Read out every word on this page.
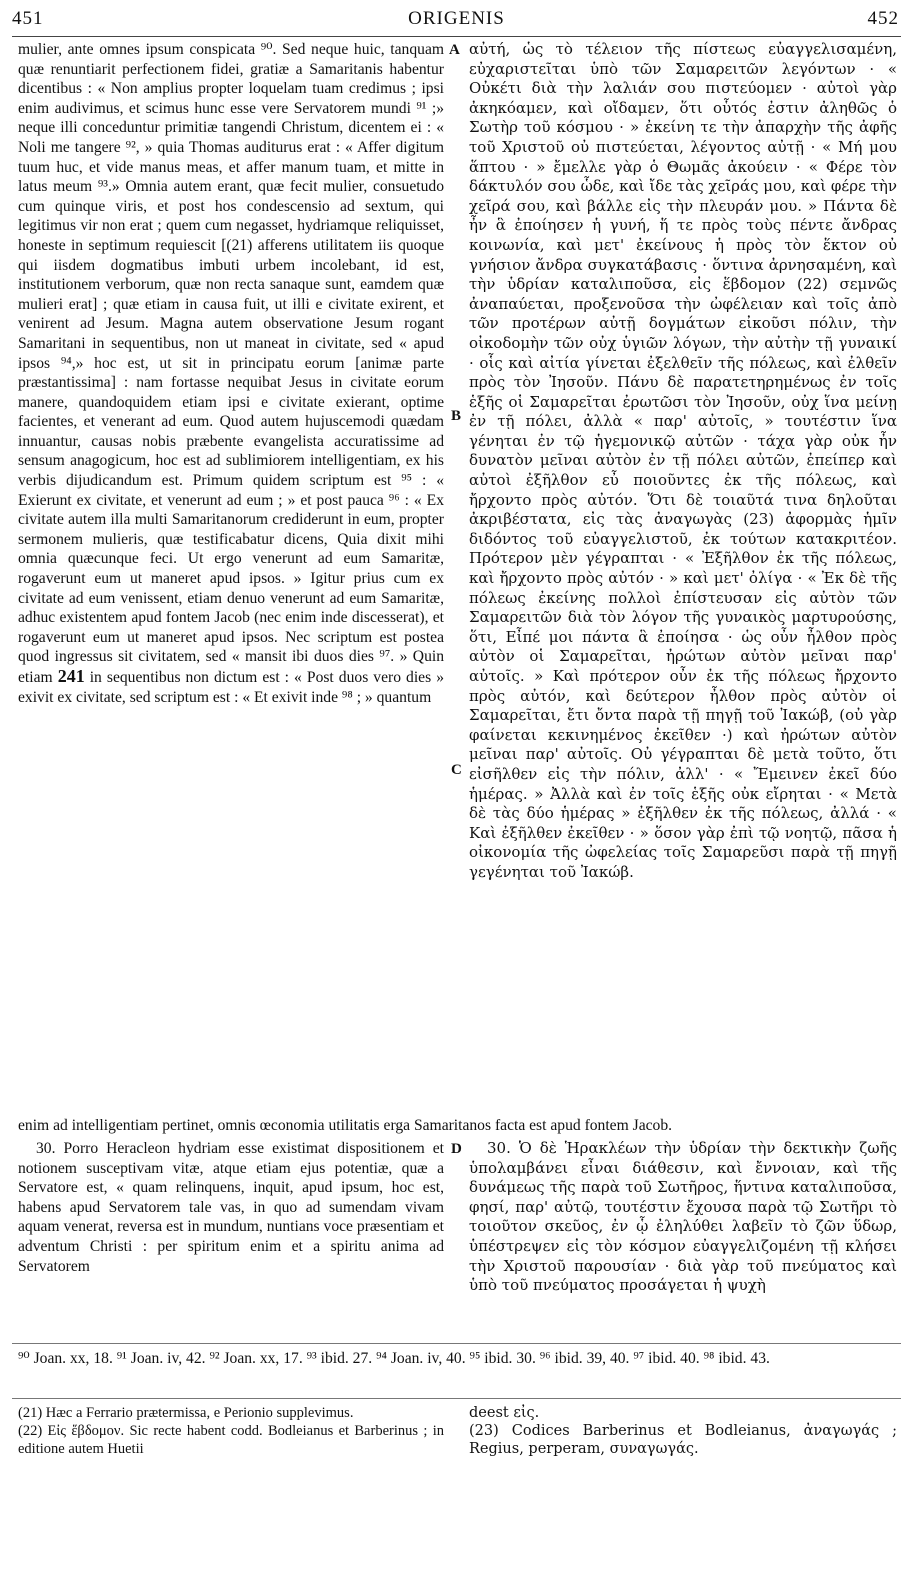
451	ORIGENIS	452

mulier, ante omnes ipsum conspicata ⁹⁰. Sed neque huic, tanquam quæ renuntiarit perfectionem fidei, gratiæ a Samaritanis habentur dicentibus : « Non amplius propter loquelam tuam credimus ; ipsi enim audivimus, et scimus hunc esse vere Servatorem mundi ⁹¹ ;» neque illi conceduntur primitiæ tangendi Christum, dicentem ei : « Noli me tangere ⁹², » quia Thomas auditurus erat : « Affer digitum tuum huc, et vide manus meas, et affer manum tuam, et mitte in latus meum ⁹³.» Omnia autem erant, quæ fecit mulier, consuetudo cum quinque viris, et post hos condescensio ad sextum, qui legitimus vir non erat ; quem cum negasset, hydriamque reliquisset, honeste in septimum requiescit [(21) afferens utilitatem iis quoque qui iisdem dogmatibus imbuti urbem incolebant, id est, institutionem verborum, quæ non recta sanaque sunt, eamdem quæ mulieri erat] ; quæ etiam in causa fuit, ut illi e civitate exirent, et venirent ad Jesum. Magna autem observatione Jesum rogant Samaritani in sequentibus, non ut maneat in civitate, sed « apud ipsos ⁹⁴,» hoc est, ut sit in principatu eorum [animæ parte præstantissima] : nam fortasse nequibat Jesus in civitate eorum manere, quandoquidem etiam ipsi e civitate exierant, optime facientes, et venerant ad eum. Quod autem hujuscemodi quædam innuantur, causas nobis præbente evangelista accuratissime ad sensum anagogicum, hoc est ad sublimiorem intelligentiam, ex his verbis dijudicandum est. Primum quidem scriptum est ⁹⁵ : « Exierunt ex civitate, et venerunt ad eum ; » et post pauca ⁹⁶ : « Ex civitate autem illa multi Samaritanorum crediderunt in eum, propter sermonem mulieris, quæ testificabatur dicens, Quia dixit mihi omnia quæcunque feci. Ut ergo venerunt ad eum Samaritæ, rogaverunt eum ut maneret apud ipsos. » Igitur prius cum ex civitate ad eum venissent, etiam denuo venerunt ad eum Samaritæ, adhuc existentem apud fontem Jacob (nec enim inde discesserat), et rogaverunt eum ut maneret apud ipsos. Nec scriptum est postea quod ingressus sit civitatem, sed « mansit ibi duos dies ⁹⁷. » Quin etiam 241 in sequentibus non dictum est : « Post duos vero dies » exivit ex civitate, sed scriptum est : « Et exivit inde ⁹⁸ ; » quantum

αὐτή, ὡς τὸ τέλειον τῆς πίστεως εὐαγγελισαμένη, εὐχαριστεῖται ὑπὸ τῶν Σαμαρειτῶν λεγόντων · « Οὐκέτι διὰ τὴν λαλιάν σου πιστεύομεν · αὐτοὶ γὰρ ἀκηκόαμεν, καὶ οἴδαμεν, ὅτι οὗτός ἐστιν ἀληθῶς ὁ Σωτὴρ τοῦ κόσμου · » ἐκείνη τε τὴν ἀπαρχὴν τῆς ἀφῆς τοῦ Χριστοῦ οὐ πιστεύεται, λέγοντος αὐτῇ · « Μή μου ἅπτου · » ἔμελλε γὰρ ὁ Θωμᾶς ἀκούειν · « Φέρε τὸν δάκτυλόν σου ὧδε, καὶ ἴδε τὰς χεῖράς μου, καὶ φέρε τὴν χεῖρά σου, καὶ βάλλε εἰς τὴν πλευράν μου. » Πάντα δὲ ἦν ἃ ἐποίησεν ἡ γυνή, ἥ τε πρὸς τοὺς πέντε ἄνδρας κοινωνία, καὶ μετ' ἐκείνους ἡ πρὸς τὸν ἕκτον οὐ γνήσιον ἄνδρα συγκατάβασις · ὅντινα ἀρνησαμένη, καὶ τὴν ὑδρίαν καταλιποῦσα, εἰς ἕβδομον (22) σεμνῶς ἀναπαύεται, προξενοῦσα τὴν ὠφέλειαν καὶ τοῖς ἀπὸ τῶν προτέρων αὐτῇ δογμάτων εἰκοῦσι πόλιν, τὴν οἰκοδομὴν τῶν οὐχ ὑγιῶν λόγων, τὴν αὐτὴν τῇ γυναικί · οἷς καὶ αἰτία γίνεται ἐξελθεῖν τῆς πόλεως, καὶ ἐλθεῖν πρὸς τὸν Ἰησοῦν. Πάνυ δὲ παρατετηρημένως ἐν τοῖς ἑξῆς οἱ Σαμαρεῖται ἐρωτῶσι τὸν Ἰησοῦν, οὐχ ἵνα μείνῃ ἐν τῇ πόλει, ἀλλὰ « παρ' αὐτοῖς, » τουτέστιν ἵνα γένηται ἐν τῷ ἡγεμονικῷ αὐτῶν · τάχα γὰρ οὐκ ἦν δυνατὸν μεῖναι αὐτὸν ἐν τῇ πόλει αὐτῶν, ἐπείπερ καὶ αὐτοὶ ἐξῆλθον εὖ ποιοῦντες ἐκ τῆς πόλεως, καὶ ἤρχοντο πρὸς αὐτόν. Ὅτι δὲ τοιαῦτά τινα δηλοῦται ἀκριβέστατα, εἰς τὰς ἀναγωγὰς (23) ἀφορμὰς ἡμῖν διδόντος τοῦ εὐαγγελιστοῦ, ἐκ τούτων κατακριτέον. Πρότερον μὲν γέγραπται · « Ἐξῆλθον ἐκ τῆς πόλεως, καὶ ἤρχοντο πρὸς αὐτόν · » καὶ μετ' ὀλίγα · « Ἐκ δὲ τῆς πόλεως ἐκείνης πολλοὶ ἐπίστευσαν εἰς αὐτὸν τῶν Σαμαρειτῶν διὰ τὸν λόγον τῆς γυναικὸς μαρτυρούσης, ὅτι, Εἶπέ μοι πάντα ἃ ἐποίησα · ὡς οὖν ἦλθον πρὸς αὐτὸν οἱ Σαμαρεῖται, ἠρώτων αὐτὸν μεῖναι παρ' αὐτοῖς. » Καὶ πρότερον οὖν ἐκ τῆς πόλεως ἤρχοντο πρὸς αὐτόν, καὶ δεύτερον ἦλθον πρὸς αὐτὸν οἱ Σαμαρεῖται, ἔτι ὄντα παρὰ τῇ πηγῇ τοῦ Ἰακώβ, (οὐ γὰρ φαίνεται κεκινημένος ἐκεῖθεν ·) καὶ ἠρώτων αὐτὸν μεῖναι παρ' αὐτοῖς. Οὐ γέγραπται δὲ μετὰ τοῦτο, ὅτι εἰσῆλθεν εἰς τὴν πόλιν, ἀλλ' · « Ἔμεινεν ἐκεῖ δύο ἡμέρας. » Ἀλλὰ καὶ ἐν τοῖς ἑξῆς οὐκ εἴρηται · « Μετὰ δὲ τὰς δύο ἡμέρας » ἐξῆλθεν ἐκ τῆς πόλεως, ἀλλά · « Καὶ ἐξῆλθεν ἐκεῖθεν · » ὅσον γὰρ ἐπὶ τῷ νοητῷ, πᾶσα ἡ οἰκονομία τῆς ὠφελείας τοῖς Σαμαρεῦσι παρὰ τῇ πηγῇ γεγένηται τοῦ Ἰακώβ.

A
B
C
D
enim ad intelligentiam pertinet, omnis œconomia utilitatis erga Samaritanos facta est apud fontem Jacob.

30. Porro Heracleon hydriam esse existimat dispositionem et notionem susceptivam vitæ, atque etiam ejus potentiæ, quæ a Servatore est, « quam relinquens, inquit, apud ipsum, hoc est, habens apud Servatorem tale vas, in quo ad sumendam vivam aquam venerat, reversa est in mundum, nuntians voce præsentiam et adventum Christi : per spiritum enim et a spiritu anima ad Servatorem

30. Ὁ δὲ Ἡρακλέων τὴν ὑδρίαν τὴν δεκτικὴν ζωῆς ὑπολαμβάνει εἶναι διάθεσιν, καὶ ἔννοιαν, καὶ τῆς δυνάμεως τῆς παρὰ τοῦ Σωτῆρος, ἥντινα καταλιποῦσα, φησί, παρ' αὐτῷ, τουτέστιν ἔχουσα παρὰ τῷ Σωτῆρι τὸ τοιοῦτον σκεῦος, ἐν ᾧ ἐληλύθει λαβεῖν τὸ ζῶν ὕδωρ, ὑπέστρεψεν εἰς τὸν κόσμον εὐαγγελιζομένη τῇ κλήσει τὴν Χριστοῦ παρουσίαν · διὰ γὰρ τοῦ πνεύματος καὶ ὑπὸ τοῦ πνεύματος προσάγεται ἡ ψυχὴ

⁹⁰ Joan. xx, 18. ⁹¹ Joan. iv, 42. ⁹² Joan. xx, 17. ⁹³ ibid. 27. ⁹⁴ Joan. iv, 40. ⁹⁵ ibid. 30. ⁹⁶ ibid. 39, 40. ⁹⁷ ibid. 40. ⁹⁸ ibid. 43.

(21) Hæc a Ferrario prætermissa, e Perionio supplevimus.

(22) Εἰς ἕβδομον. Sic recte habent codd. Bodleianus et Barberinus ; in editione autem Huetii

deest εἰς.

(23) Codices Barberinus et Bodleianus, ἀναγωγάς ; Regius, perperam, συναγωγάς.
